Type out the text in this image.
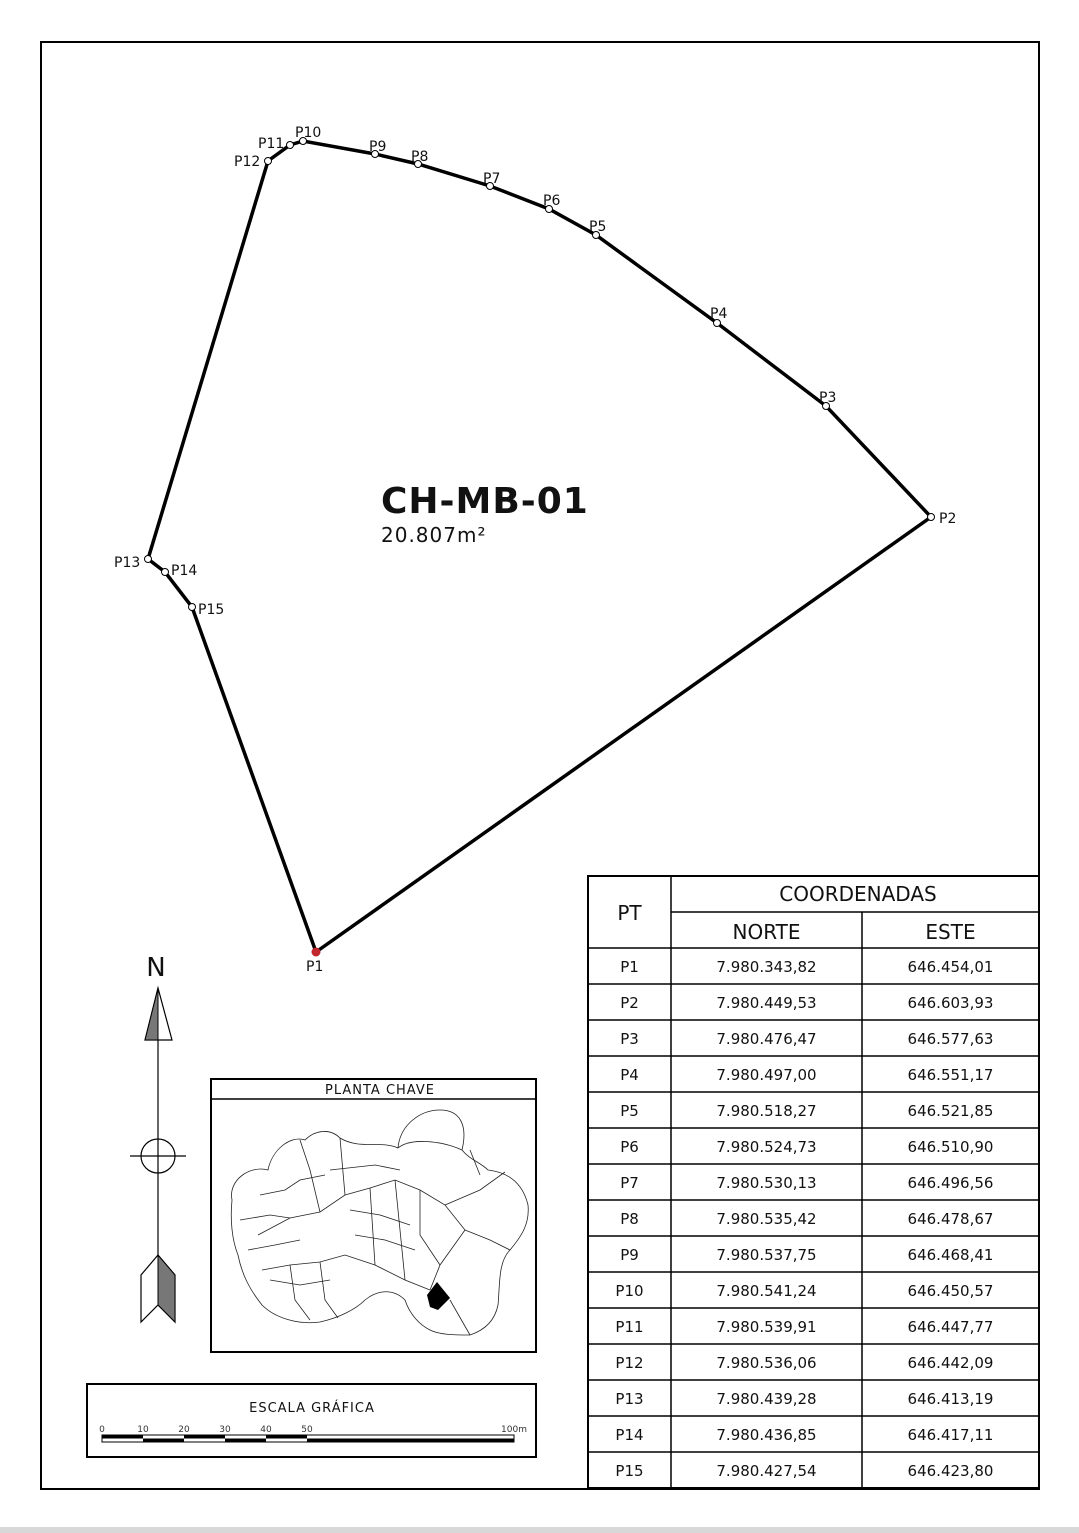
P1
P2
P3
P4
P5
P6
P7
P8
P9
P10
P11
P12
P13 P14
P15
CH-MB-01
20.807m²
PT
COORDENADAS
NORTE	ESTE
P1	7.980.343,82	646.454,01
P2	7.980.449,53	646.603,93
P3	7.980.476,47	646.577,63
P4	7.980.497,00	646.551,17
P5	7.980.518,27	646.521,85
P6	7.980.524,73	646.510,90
P7	7.980.530,13	646.496,56
P8	7.980.535,42	646.478,67
P9	7.980.537,75	646.468,41
P10	7.980.541,24	646.450,57
P11	7.980.539,91	646.447,77
P12	7.980.536,06	646.442,09
P13	7.980.439,28	646.413,19
P14	7.980.436,85	646.417,11
P15	7.980.427,54	646.423,80
N
PLANTA CHAVE
ESCALA GRÁFICA
0	10	20	30	40	50	100m
